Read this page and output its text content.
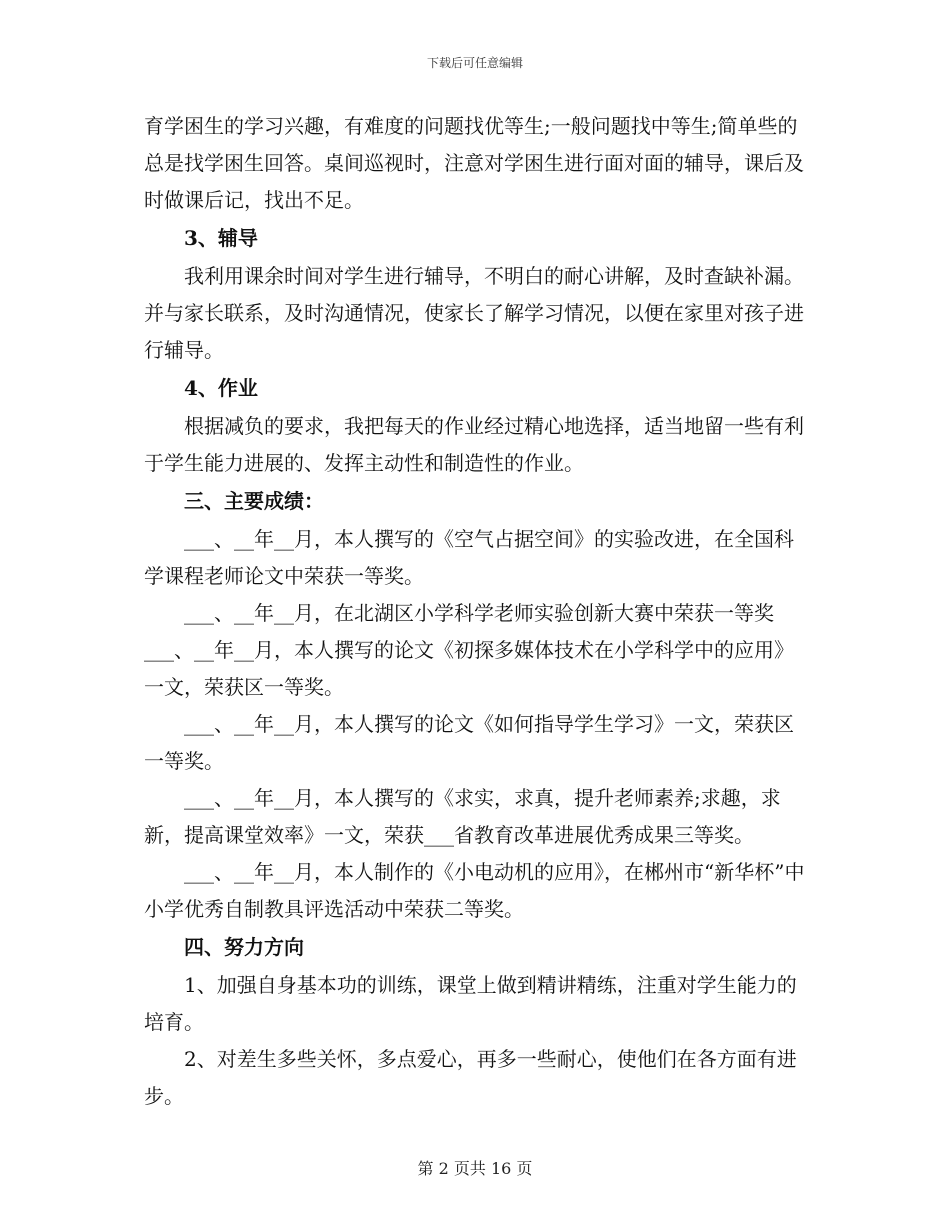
下载后可任意编辑

育学困生的学习兴趣，有难度的问题找优等生;一般问题找中等生;简单些的总是找学困生回答。桌间巡视时，注意对学困生进行面对面的辅导，课后及时做课后记，找出不足。

3、辅导

我利用课余时间对学生进行辅导，不明白的耐心讲解，及时查缺补漏。并与家长联系，及时沟通情况，使家长了解学习情况，以便在家里对孩子进行辅导。

4、作业

根据减负的要求，我把每天的作业经过精心地选择，适当地留一些有利于学生能力进展的、发挥主动性和制造性的作业。

三、主要成绩：

___、__年__月，本人撰写的《空气占据空间》的实验改进，在全国科学课程老师论文中荣获一等奖。

___、__年__月，在北湖区小学科学老师实验创新大赛中荣获一等奖___、__年__月，本人撰写的论文《初探多媒体技术在小学科学中的应用》一文，荣获区一等奖。

___、__年__月，本人撰写的论文《如何指导学生学习》一文，荣获区一等奖。

___、__年__月，本人撰写的《求实，求真，提升老师素养;求趣，求新，提高课堂效率》一文，荣获___省教育改革进展优秀成果三等奖。

___、__年__月，本人制作的《小电动机的应用》，在郴州市“新华杯”中小学优秀自制教具评选活动中荣获二等奖。

四、努力方向

1、加强自身基本功的训练，课堂上做到精讲精练，注重对学生能力的培育。

2、对差生多些关怀，多点爱心，再多一些耐心，使他们在各方面有进步。

第 2 页共 16 页
